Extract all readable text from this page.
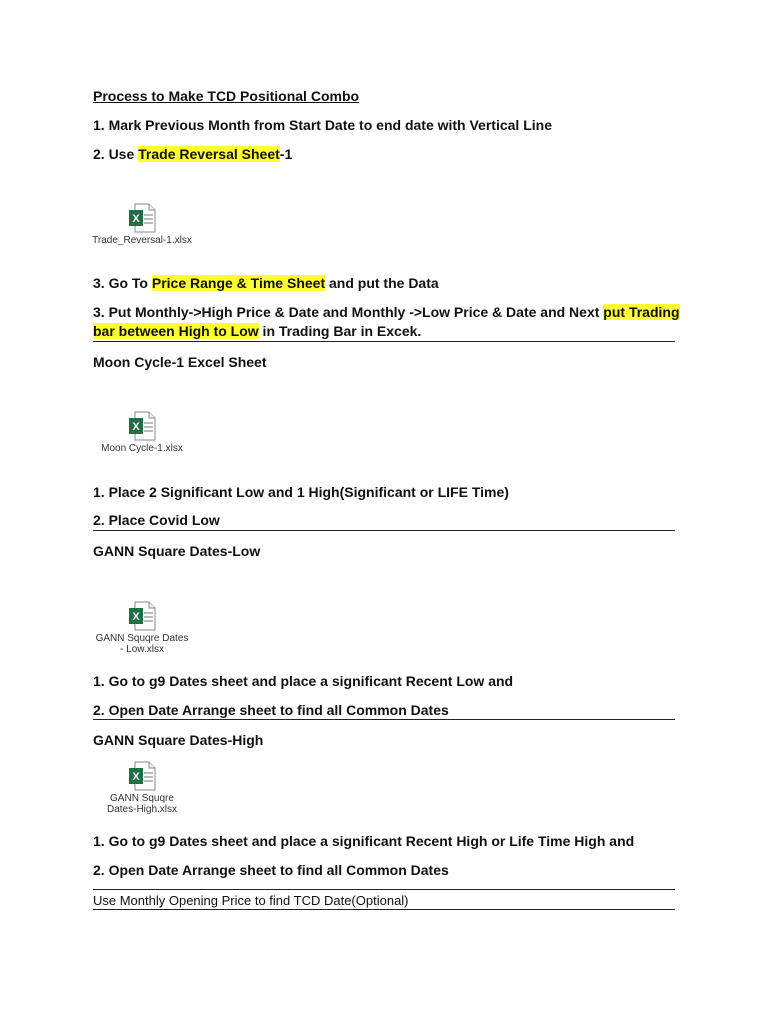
Process to Make TCD Positional Combo
1. Mark Previous Month from Start Date to end date with Vertical Line
2. Use Trade Reversal Sheet-1
X
Trade_Reversal-1.xlsx
3. Go To Price Range & Time Sheet and put the Data
3. Put Monthly->High Price & Date and Monthly ->Low Price & Date and Next put Trading
bar between High to Low in Trading Bar in Excek.
Moon Cycle-1 Excel Sheet
X
Moon Cycle-1.xlsx
1. Place 2 Significant Low and 1 High(Significant or LIFE Time)
2. Place Covid Low
GANN Square Dates-Low
X
GANN Squqre Dates
- Low.xlsx
1. Go to g9 Dates sheet and place a significant Recent Low and
2. Open Date Arrange sheet to find all Common Dates
GANN Square Dates-High
X
GANN Squqre
Dates-High.xlsx
1. Go to g9 Dates sheet and place a significant Recent High or Life Time High and
2. Open Date Arrange sheet to find all Common Dates
Use Monthly Opening Price to find TCD Date(Optional)
